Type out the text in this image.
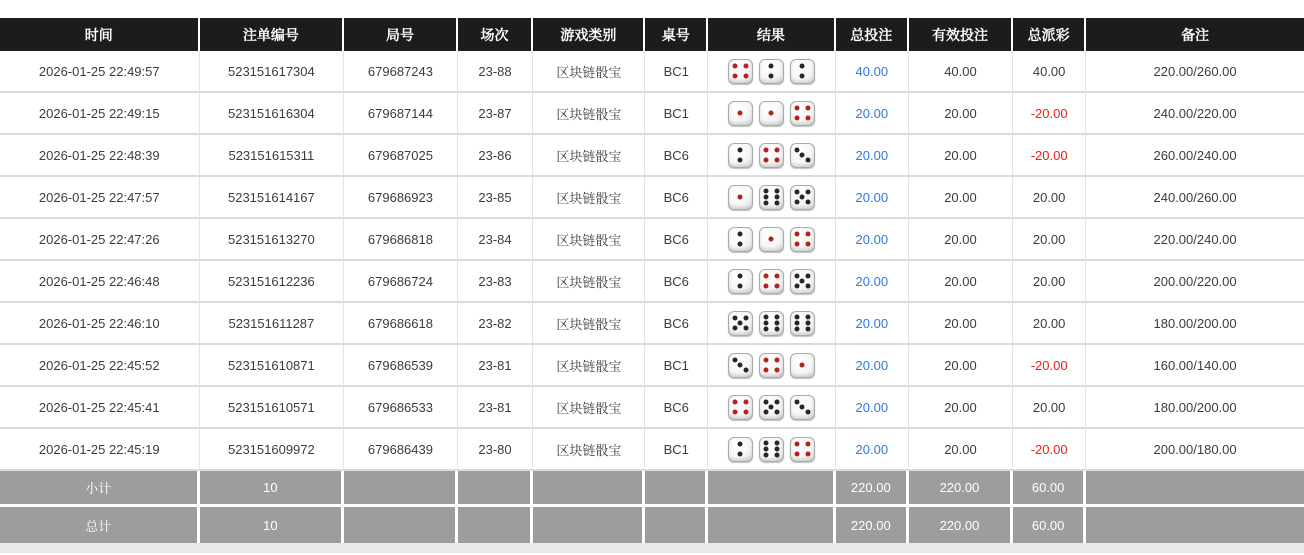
时间	注单编号	局号	场次	游戏类别	桌号	结果	总投注	有效投注	总派彩	备注
2026-01-25 22:49:57	523151617304	679687243	23-88	区块链骰宝	BC1		40.00	40.00	40.00	220.00/260.00
2026-01-25 22:49:15	523151616304	679687144	23-87	区块链骰宝	BC1		20.00	20.00	-20.00	240.00/220.00
2026-01-25 22:48:39	523151615311	679687025	23-86	区块链骰宝	BC6		20.00	20.00	-20.00	260.00/240.00
2026-01-25 22:47:57	523151614167	679686923	23-85	区块链骰宝	BC6		20.00	20.00	20.00	240.00/260.00
2026-01-25 22:47:26	523151613270	679686818	23-84	区块链骰宝	BC6		20.00	20.00	20.00	220.00/240.00
2026-01-25 22:46:48	523151612236	679686724	23-83	区块链骰宝	BC6		20.00	20.00	20.00	200.00/220.00
2026-01-25 22:46:10	523151611287	679686618	23-82	区块链骰宝	BC6		20.00	20.00	20.00	180.00/200.00
2026-01-25 22:45:52	523151610871	679686539	23-81	区块链骰宝	BC1		20.00	20.00	-20.00	160.00/140.00
2026-01-25 22:45:41	523151610571	679686533	23-81	区块链骰宝	BC6		20.00	20.00	20.00	180.00/200.00
2026-01-25 22:45:19	523151609972	679686439	23-80	区块链骰宝	BC1		20.00	20.00	-20.00	200.00/180.00
小计	10						220.00	220.00	60.00	
总计	10						220.00	220.00	60.00	
